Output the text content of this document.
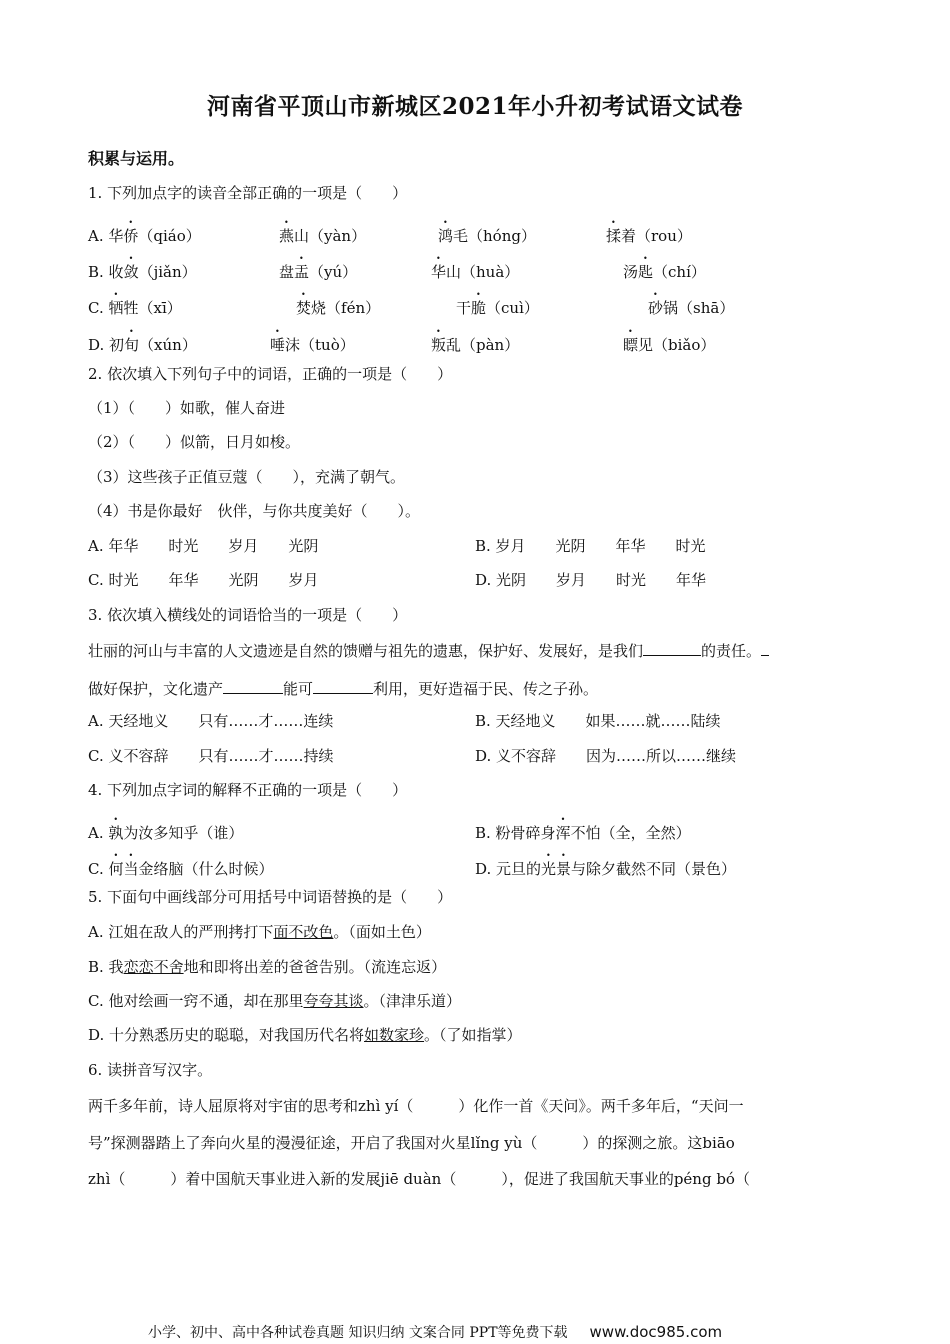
河南省平顶山市新城区2021年小升初考试语文试卷
积累与运用。
1. 下列加点字的读音全部正确的一项是（　　）
A. 华侨（qiáo）	燕山（yàn）	鸿毛（hóng）	揉着（rou）
B. 收敛（jiǎn）	盘盂（yú）	华山（huà）	汤匙（chí）
C. 牺牲（xī）	焚烧（fén）	干脆（cuì）	砂锅（shā）
D. 初旬（xún）	唾沫（tuò）	叛乱（pàn）	瞟见（biǎo）
2. 依次填入下列句子中的词语，正确的一项是（　　）
（1）（　　）如歌，催人奋进
（2）（　　）似箭，日月如梭。
（3）这些孩子正值豆蔻（　　），充满了朝气。
（4）书是你最好　伙伴，与你共度美好（　　）。
A. 年华　　时光　　岁月　　光阴	B. 岁月　　光阴　　年华　　时光
C. 时光　　年华　　光阴　　岁月	D. 光阴　　岁月　　时光　　年华
3. 依次填入横线处的词语恰当的一项是（　　）
壮丽的河山与丰富的人文遗迹是自然的馈赠与祖先的遗惠，保护好、发展好，是我们	的责任。
做好保护，文化遗产	能可	利用，更好造福于民、传之子孙。
A. 天经地义　　只有……才……连续	B. 天经地义　　如果……就……陆续
C. 义不容辞　　只有……才……持续	D. 义不容辞　　因为……所以……继续
4. 下列加点字词的解释不正确的一项是（　　）
A. 孰为汝多知乎（谁）	B. 粉骨碎身浑不怕（全，全然）
C. 何当金络脑（什么时候）	D. 元旦的光景与除夕截然不同（景色）
5. 下面句中画线部分可用括号中词语替换的是（　　）
A. 江姐在敌人的严刑拷打下面不改色。（面如土色）
B. 我恋恋不舍地和即将出差的爸爸告别。（流连忘返）
C. 他对绘画一窍不通，却在那里夸夸其谈。（津津乐道）
D. 十分熟悉历史的聪聪，对我国历代名将如数家珍。（了如指掌）
6. 读拼音写汉字。
两千多年前，诗人屈原将对宇宙的思考和zhì yí（　　　）化作一首《天问》。两千多年后，“天问一
号”探测器踏上了奔向火星的漫漫征途，开启了我国对火星lǐng yù（　　　）的探测之旅。这biāo
zhì（　　　）着中国航天事业进入新的发展jiē duàn（　　　），促进了我国航天事业的péng bó（
小学、初中、高中各种试卷真题 知识归纳 文案合同 PPT等免费下载 www.doc985.com
